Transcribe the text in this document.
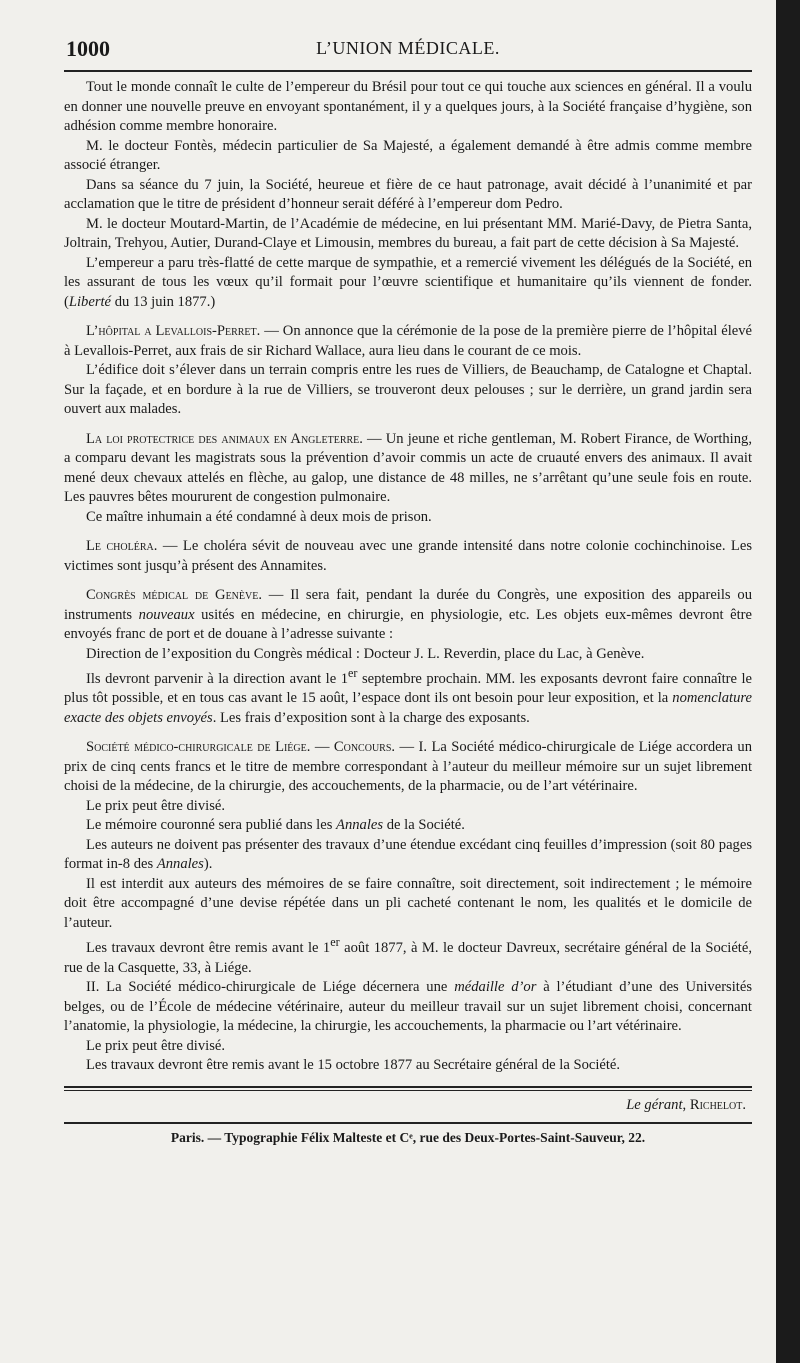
1000	L’UNION MÉDICALE.

Tout le monde connaît le culte de l’empereur du Brésil pour tout ce qui touche aux sciences en général. Il a voulu en donner une nouvelle preuve en envoyant spontanément, il y a quelques jours, à la Société française d’hygiène, son adhésion comme membre honoraire.

M. le docteur Fontès, médecin particulier de Sa Majesté, a également demandé à être admis comme membre associé étranger.

Dans sa séance du 7 juin, la Société, heureue et fière de ce haut patronage, avait décidé à l’unanimité et par acclamation que le titre de président d’honneur serait déféré à l’empereur dom Pedro.

M. le docteur Moutard-Martin, de l’Académie de médecine, en lui présentant MM. Marié-Davy, de Pietra Santa, Joltrain, Trehyou, Autier, Durand-Claye et Limousin, membres du bureau, a fait part de cette décision à Sa Majesté.

L’empereur a paru très-flatté de cette marque de sympathie, et a remercié vivement les délégués de la Société, en les assurant de tous les vœux qu’il formait pour l’œuvre scientifique et humanitaire qu’ils viennent de fonder. (Liberté du 13 juin 1877.)

L’hôpital a Levallois-Perret. — On annonce que la cérémonie de la pose de la première pierre de l’hôpital élevé à Levallois-Perret, aux frais de sir Richard Wallace, aura lieu dans le courant de ce mois.

L’édifice doit s’élever dans un terrain compris entre les rues de Villiers, de Beauchamp, de Catalogne et Chaptal. Sur la façade, et en bordure à la rue de Villiers, se trouveront deux pelouses ; sur le derrière, un grand jardin sera ouvert aux malades.

La loi protectrice des animaux en Angleterre. — Un jeune et riche gentleman, M. Robert Firance, de Worthing, a comparu devant les magistrats sous la prévention d’avoir commis un acte de cruauté envers des animaux. Il avait mené deux chevaux attelés en flèche, au galop, une distance de 48 milles, ne s’arrêtant qu’une seule fois en route. Les pauvres bêtes moururent de congestion pulmonaire.

Ce maître inhumain a été condamné à deux mois de prison.

Le choléra. — Le choléra sévit de nouveau avec une grande intensité dans notre colonie cochinchinoise. Les victimes sont jusqu’à présent des Annamites.

Congrès médical de Genève. — Il sera fait, pendant la durée du Congrès, une exposition des appareils ou instruments nouveaux usités en médecine, en chirurgie, en physiologie, etc. Les objets eux-mêmes devront être envoyés franc de port et de douane à l’adresse suivante :

Direction de l’exposition du Congrès médical : Docteur J. L. Reverdin, place du Lac, à Genève.

Ils devront parvenir à la direction avant le 1er septembre prochain. MM. les exposants devront faire connaître le plus tôt possible, et en tous cas avant le 15 août, l’espace dont ils ont besoin pour leur exposition, et la nomenclature exacte des objets envoyés. Les frais d’exposition sont à la charge des exposants.

Société médico-chirurgicale de Liége. — Concours. — I. La Société médico-chirurgicale de Liége accordera un prix de cinq cents francs et le titre de membre correspondant à l’auteur du meilleur mémoire sur un sujet librement choisi de la médecine, de la chirurgie, des accouchements, de la pharmacie, ou de l’art vétérinaire.

Le prix peut être divisé.

Le mémoire couronné sera publié dans les Annales de la Société.

Les auteurs ne doivent pas présenter des travaux d’une étendue excédant cinq feuilles d’impression (soit 80 pages format in-8 des Annales).

Il est interdit aux auteurs des mémoires de se faire connaître, soit directement, soit indirectement ; le mémoire doit être accompagné d’une devise répétée dans un pli cacheté contenant le nom, les qualités et le domicile de l’auteur.

Les travaux devront être remis avant le 1er août 1877, à M. le docteur Davreux, secrétaire général de la Société, rue de la Casquette, 33, à Liége.

II. La Société médico-chirurgicale de Liége décernera une médaille d’or à l’étudiant d’une des Universités belges, ou de l’École de médecine vétérinaire, auteur du meilleur travail sur un sujet librement choisi, concernant l’anatomie, la physiologie, la médecine, la chirurgie, les accouchements, la pharmacie ou l’art vétérinaire.

Le prix peut être divisé.

Les travaux devront être remis avant le 15 octobre 1877 au Secrétaire général de la Société.

Le gérant, Richelot.
Paris. — Typographie Félix Malteste et Cᵉ, rue des Deux-Portes-Saint-Sauveur, 22.
